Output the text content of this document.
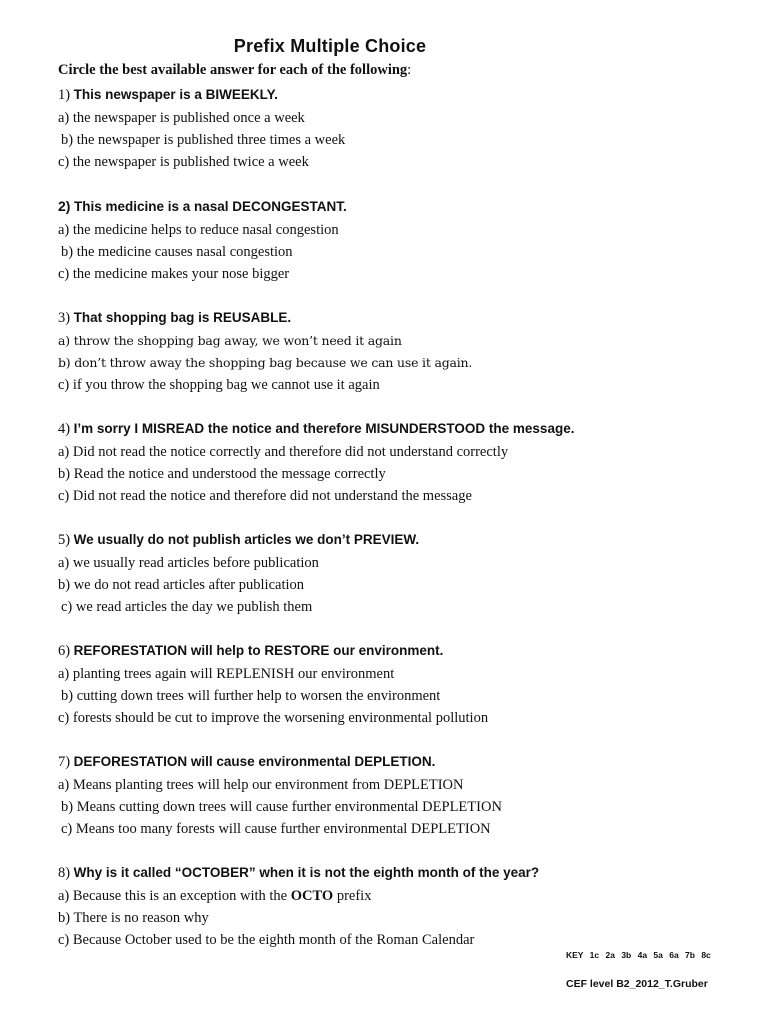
Prefix Multiple Choice
Circle the best available answer for each of the following:
1) This newspaper is a BIWEEKLY.
a) the newspaper is published once a week
b) the newspaper is published three times a week
c) the newspaper is published twice a week
2) This medicine is a nasal DECONGESTANT.
a) the medicine helps to reduce nasal congestion
b) the medicine causes nasal congestion
c) the medicine makes your nose bigger
3) That shopping bag is REUSABLE.
a) throw the shopping bag away, we won’t need it again
b) don’t throw away the shopping bag because we can use it again.
c) if you throw the shopping bag we cannot use it again
4) I’m sorry I MISREAD the notice and therefore MISUNDERSTOOD the message.
a) Did not read the notice correctly and therefore did not understand correctly
b) Read the notice and understood the message correctly
c) Did not read the notice and therefore did not understand the message
5) We usually do not publish articles we don’t PREVIEW.
a) we usually read articles before publication
b) we do not read articles after publication
c) we read articles the day we publish them
6) REFORESTATION will help to RESTORE our environment.
a) planting trees again will REPLENISH our environment
b) cutting down trees will further help to worsen the environment
c) forests should be cut to improve the worsening environmental pollution
7) DEFORESTATION will cause environmental DEPLETION.
a) Means planting trees will help our environment from DEPLETION
b) Means cutting down trees will cause further environmental DEPLETION
c) Means too many forests will cause further environmental DEPLETION
8) Why is it called “OCTOBER” when it is not the eighth month of the year?
a) Because this is an exception with the OCTO prefix
b) There is no reason why
c) Because October used to be the eighth month of the Roman Calendar
KEY 1c 2a 3b 4a 5a 6a 7b 8c
CEF level B2_2012_T.Gruber
